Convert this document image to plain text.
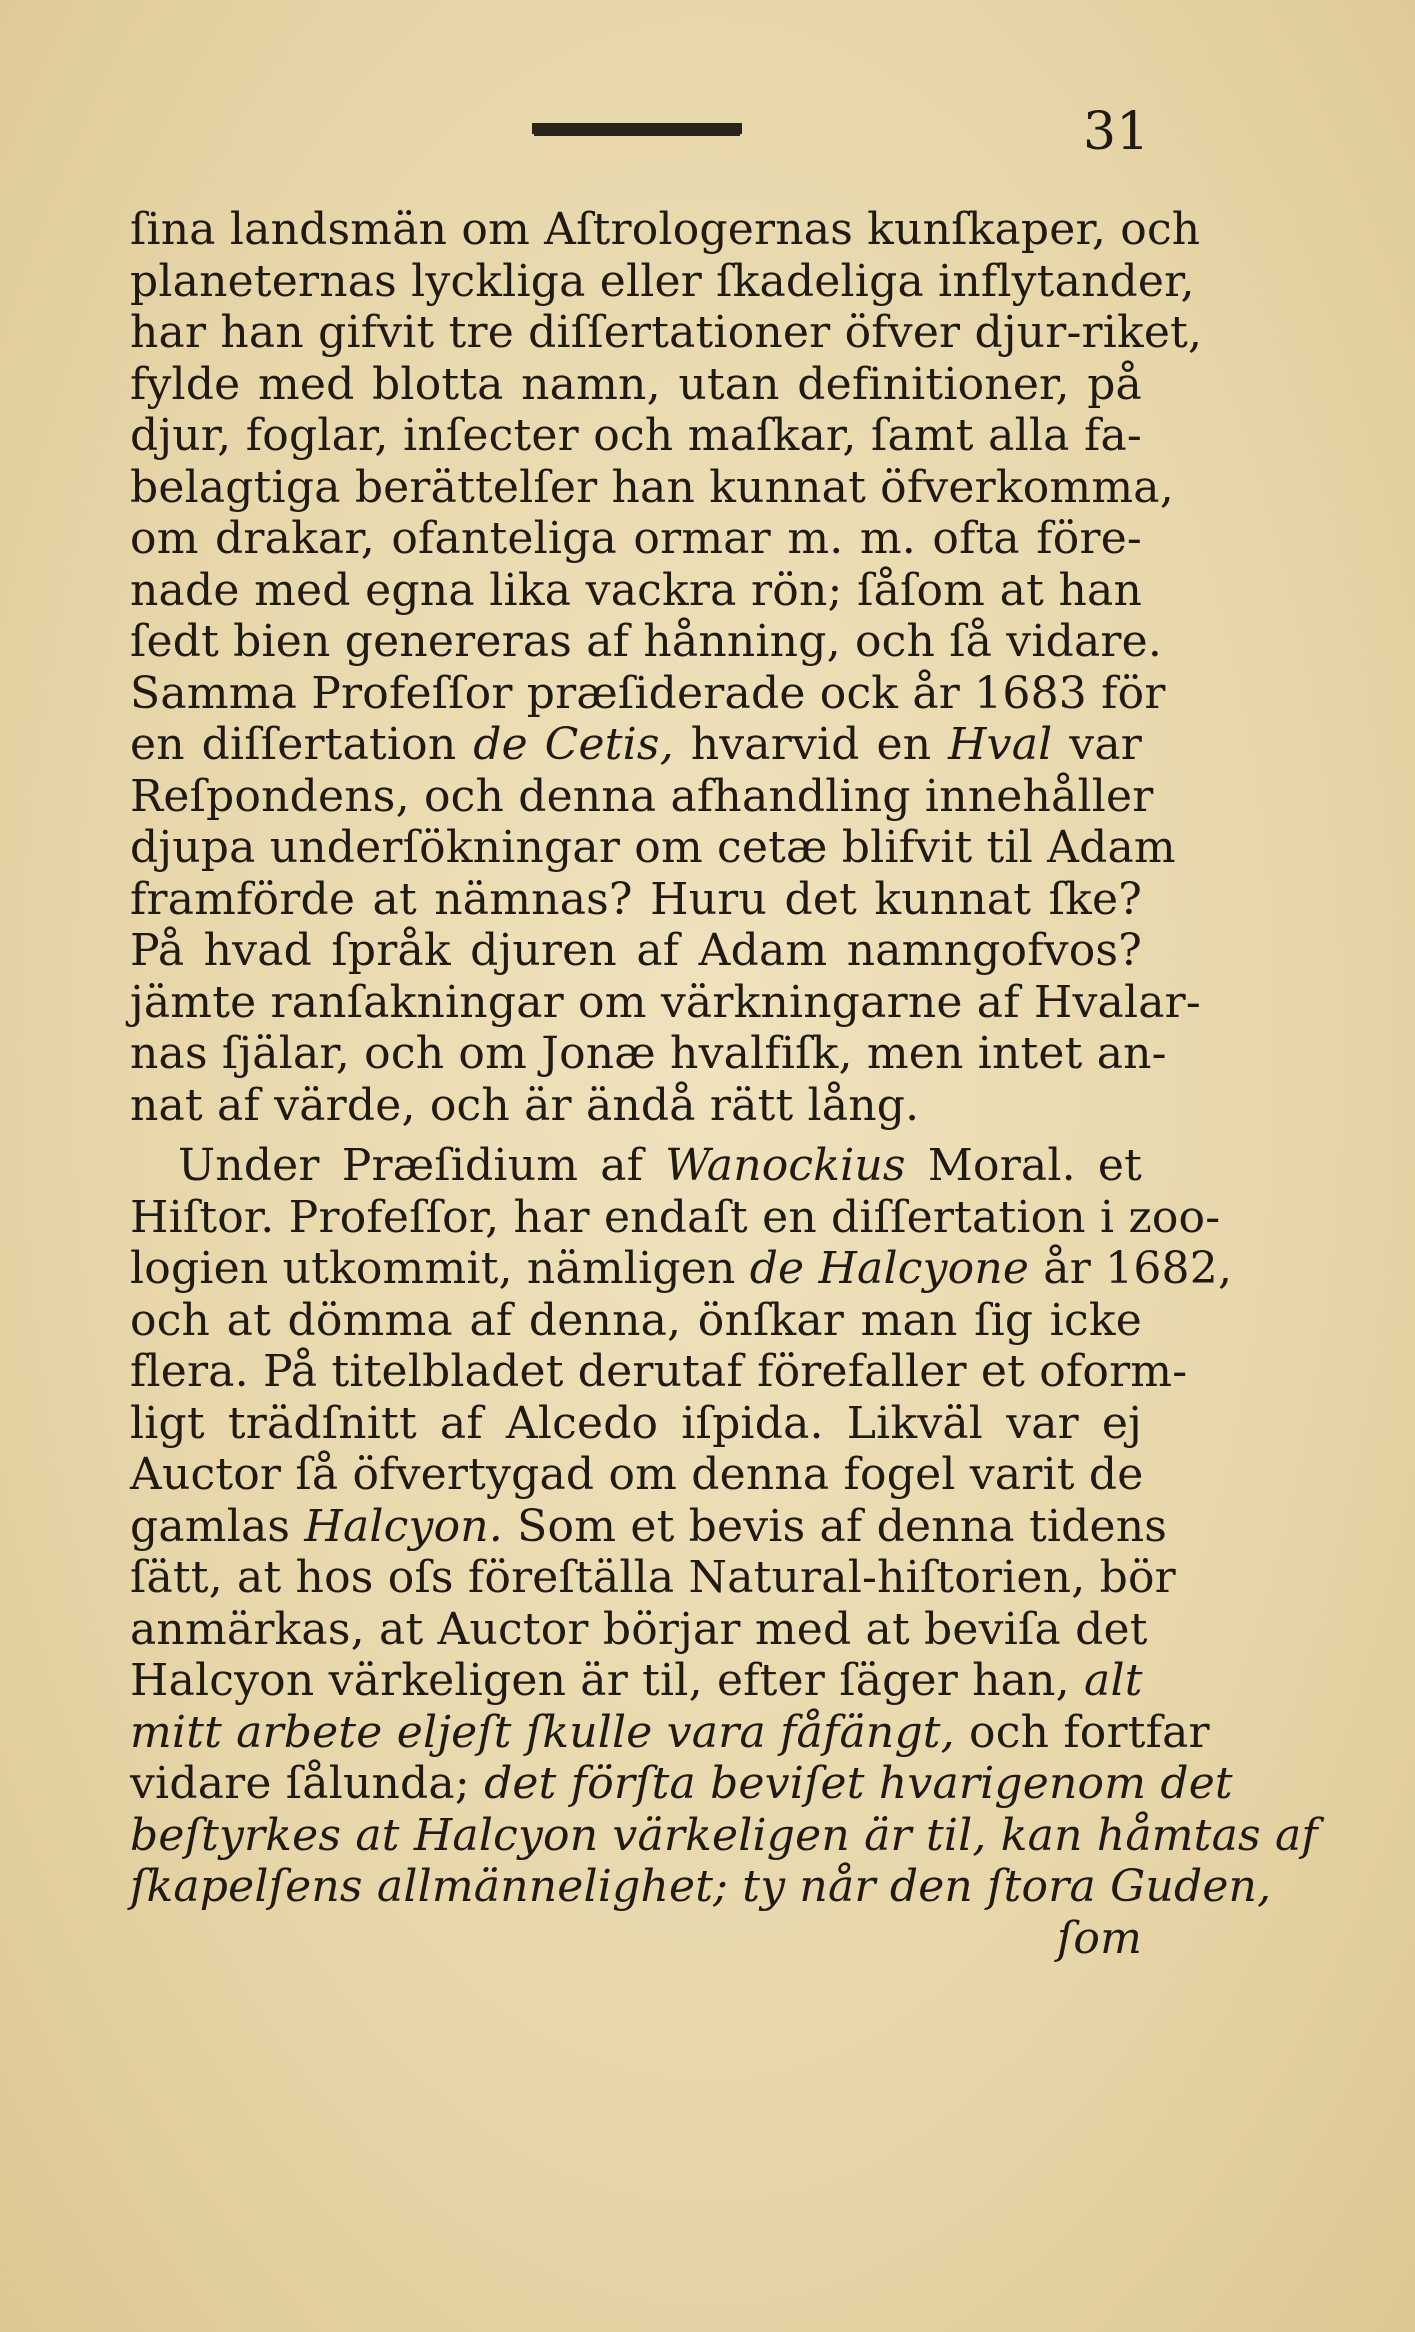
31
ſina landsmän om Aſtrologernas kunſkaper, och
planeternas lyckliga eller ſkadeliga inflytander,
har han gifvit tre diſſertationer öfver djur-riket,
fylde med blotta namn, utan definitioner, på
djur, foglar, inſecter och maſkar, ſamt alla fa-
belagtiga berättelſer han kunnat öfverkomma,
om drakar, ofanteliga ormar m. m. ofta före-
nade med egna lika vackra rön; ſåſom at han
ſedt bien genereras af hånning, och ſå vidare.
Samma Profeſſor præſiderade ock år 1683 för
en diſſertation de Cetis, hvarvid en Hval var
Reſpondens, och denna afhandling innehåller
djupa underſökningar om cetæ blifvit til Adam
framförde at nämnas? Huru det kunnat ſke?
På hvad ſpråk djuren af Adam namngofvos?
jämte ranſakningar om värkningarne af Hvalar-
nas ſjälar, och om Jonæ hvalfiſk, men intet an-
nat af värde, och är ändå rätt lång.
Under Præſidium af Wanockius Moral. et
Hiſtor. Profeſſor, har endaſt en diſſertation i zoo-
logien utkommit, nämligen de Halcyone år 1682,
och at dömma af denna, önſkar man ſig icke
flera. På titelbladet derutaf förefaller et oform-
ligt trädſnitt af Alcedo iſpida. Likväl var ej
Auctor ſå öfvertygad om denna fogel varit de
gamlas Halcyon. Som et bevis af denna tidens
ſätt, at hos oſs föreſtälla Natural-hiſtorien, bör
anmärkas, at Auctor börjar med at beviſa det
Halcyon värkeligen är til, efter ſäger han, alt
mitt arbete eljeſt ſkulle vara fåfängt, och fortfar
vidare ſålunda; det förſta beviſet hvarigenom det
beſtyrkes at Halcyon värkeligen är til, kan håmtas af
ſkapelſens allmännelighet; ty når den ſtora Guden,
ſom
